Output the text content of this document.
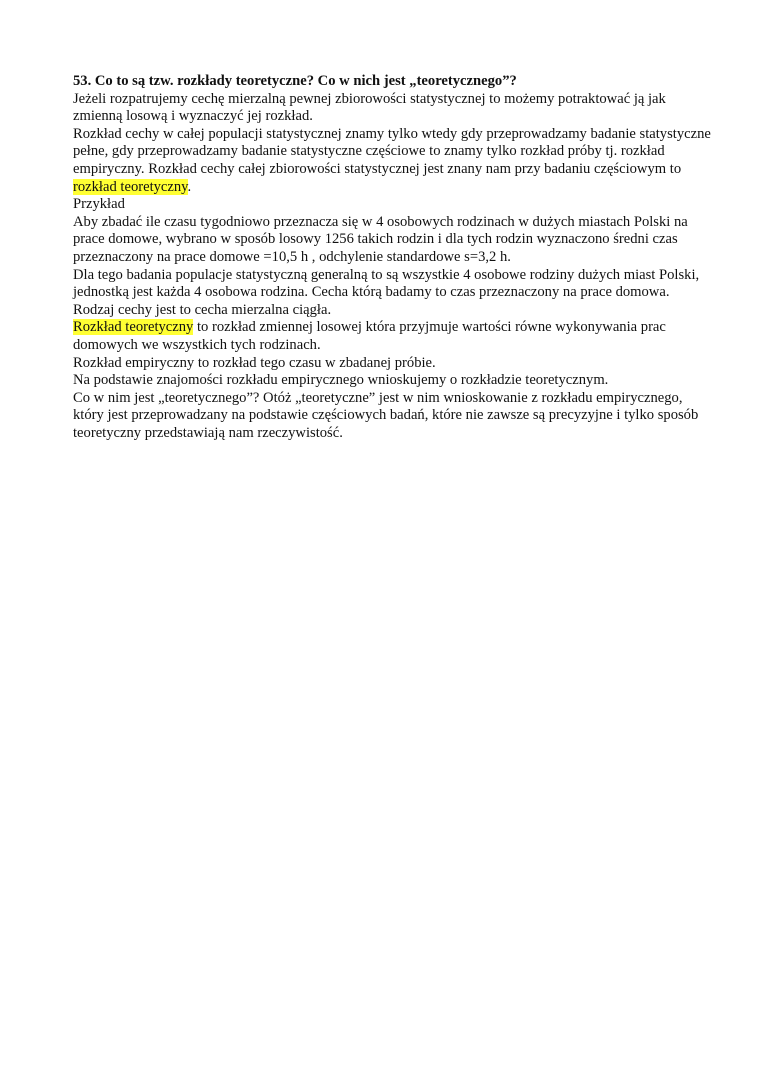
53. Co to są tzw. rozkłady teoretyczne? Co w nich jest „teoretycznego”?
Jeżeli rozpatrujemy cechę mierzalną pewnej zbiorowości statystycznej to możemy potraktować ją jak zmienną losową i wyznaczyć jej rozkład.
Rozkład cechy w całej populacji statystycznej znamy tylko wtedy gdy przeprowadzamy badanie statystyczne pełne, gdy przeprowadzamy badanie statystyczne częściowe to znamy tylko rozkład próby tj. rozkład empiryczny. Rozkład cechy całej zbiorowości statystycznej jest znany nam przy badaniu częściowym to rozkład teoretyczny.
Przykład
Aby zbadać ile czasu tygodniowo przeznacza się w 4 osobowych rodzinach w dużych miastach Polski na prace domowe, wybrano w sposób losowy 1256 takich rodzin i dla tych rodzin wyznaczono średni czas przeznaczony na prace domowe =10,5 h , odchylenie standardowe s=3,2 h.
Dla tego badania populacje statystyczną generalną to są wszystkie 4 osobowe rodziny dużych miast Polski, jednostką jest każda 4 osobowa rodzina. Cecha którą badamy to czas przeznaczony na prace domowa. Rodzaj cechy jest to cecha mierzalna ciągła.
Rozkład teoretyczny to rozkład zmiennej losowej która przyjmuje wartości równe wykonywania prac domowych we wszystkich tych rodzinach.
Rozkład empiryczny to rozkład tego czasu w zbadanej próbie.
Na podstawie znajomości rozkładu empirycznego wnioskujemy o rozkładzie teoretycznym.
Co w nim jest „teoretycznego”? Otóż „teoretyczne” jest w nim wnioskowanie z rozkładu empirycznego, który jest przeprowadzany na podstawie częściowych badań, które nie zawsze są precyzyjne i tylko sposób teoretyczny przedstawiają nam rzeczywistość.
